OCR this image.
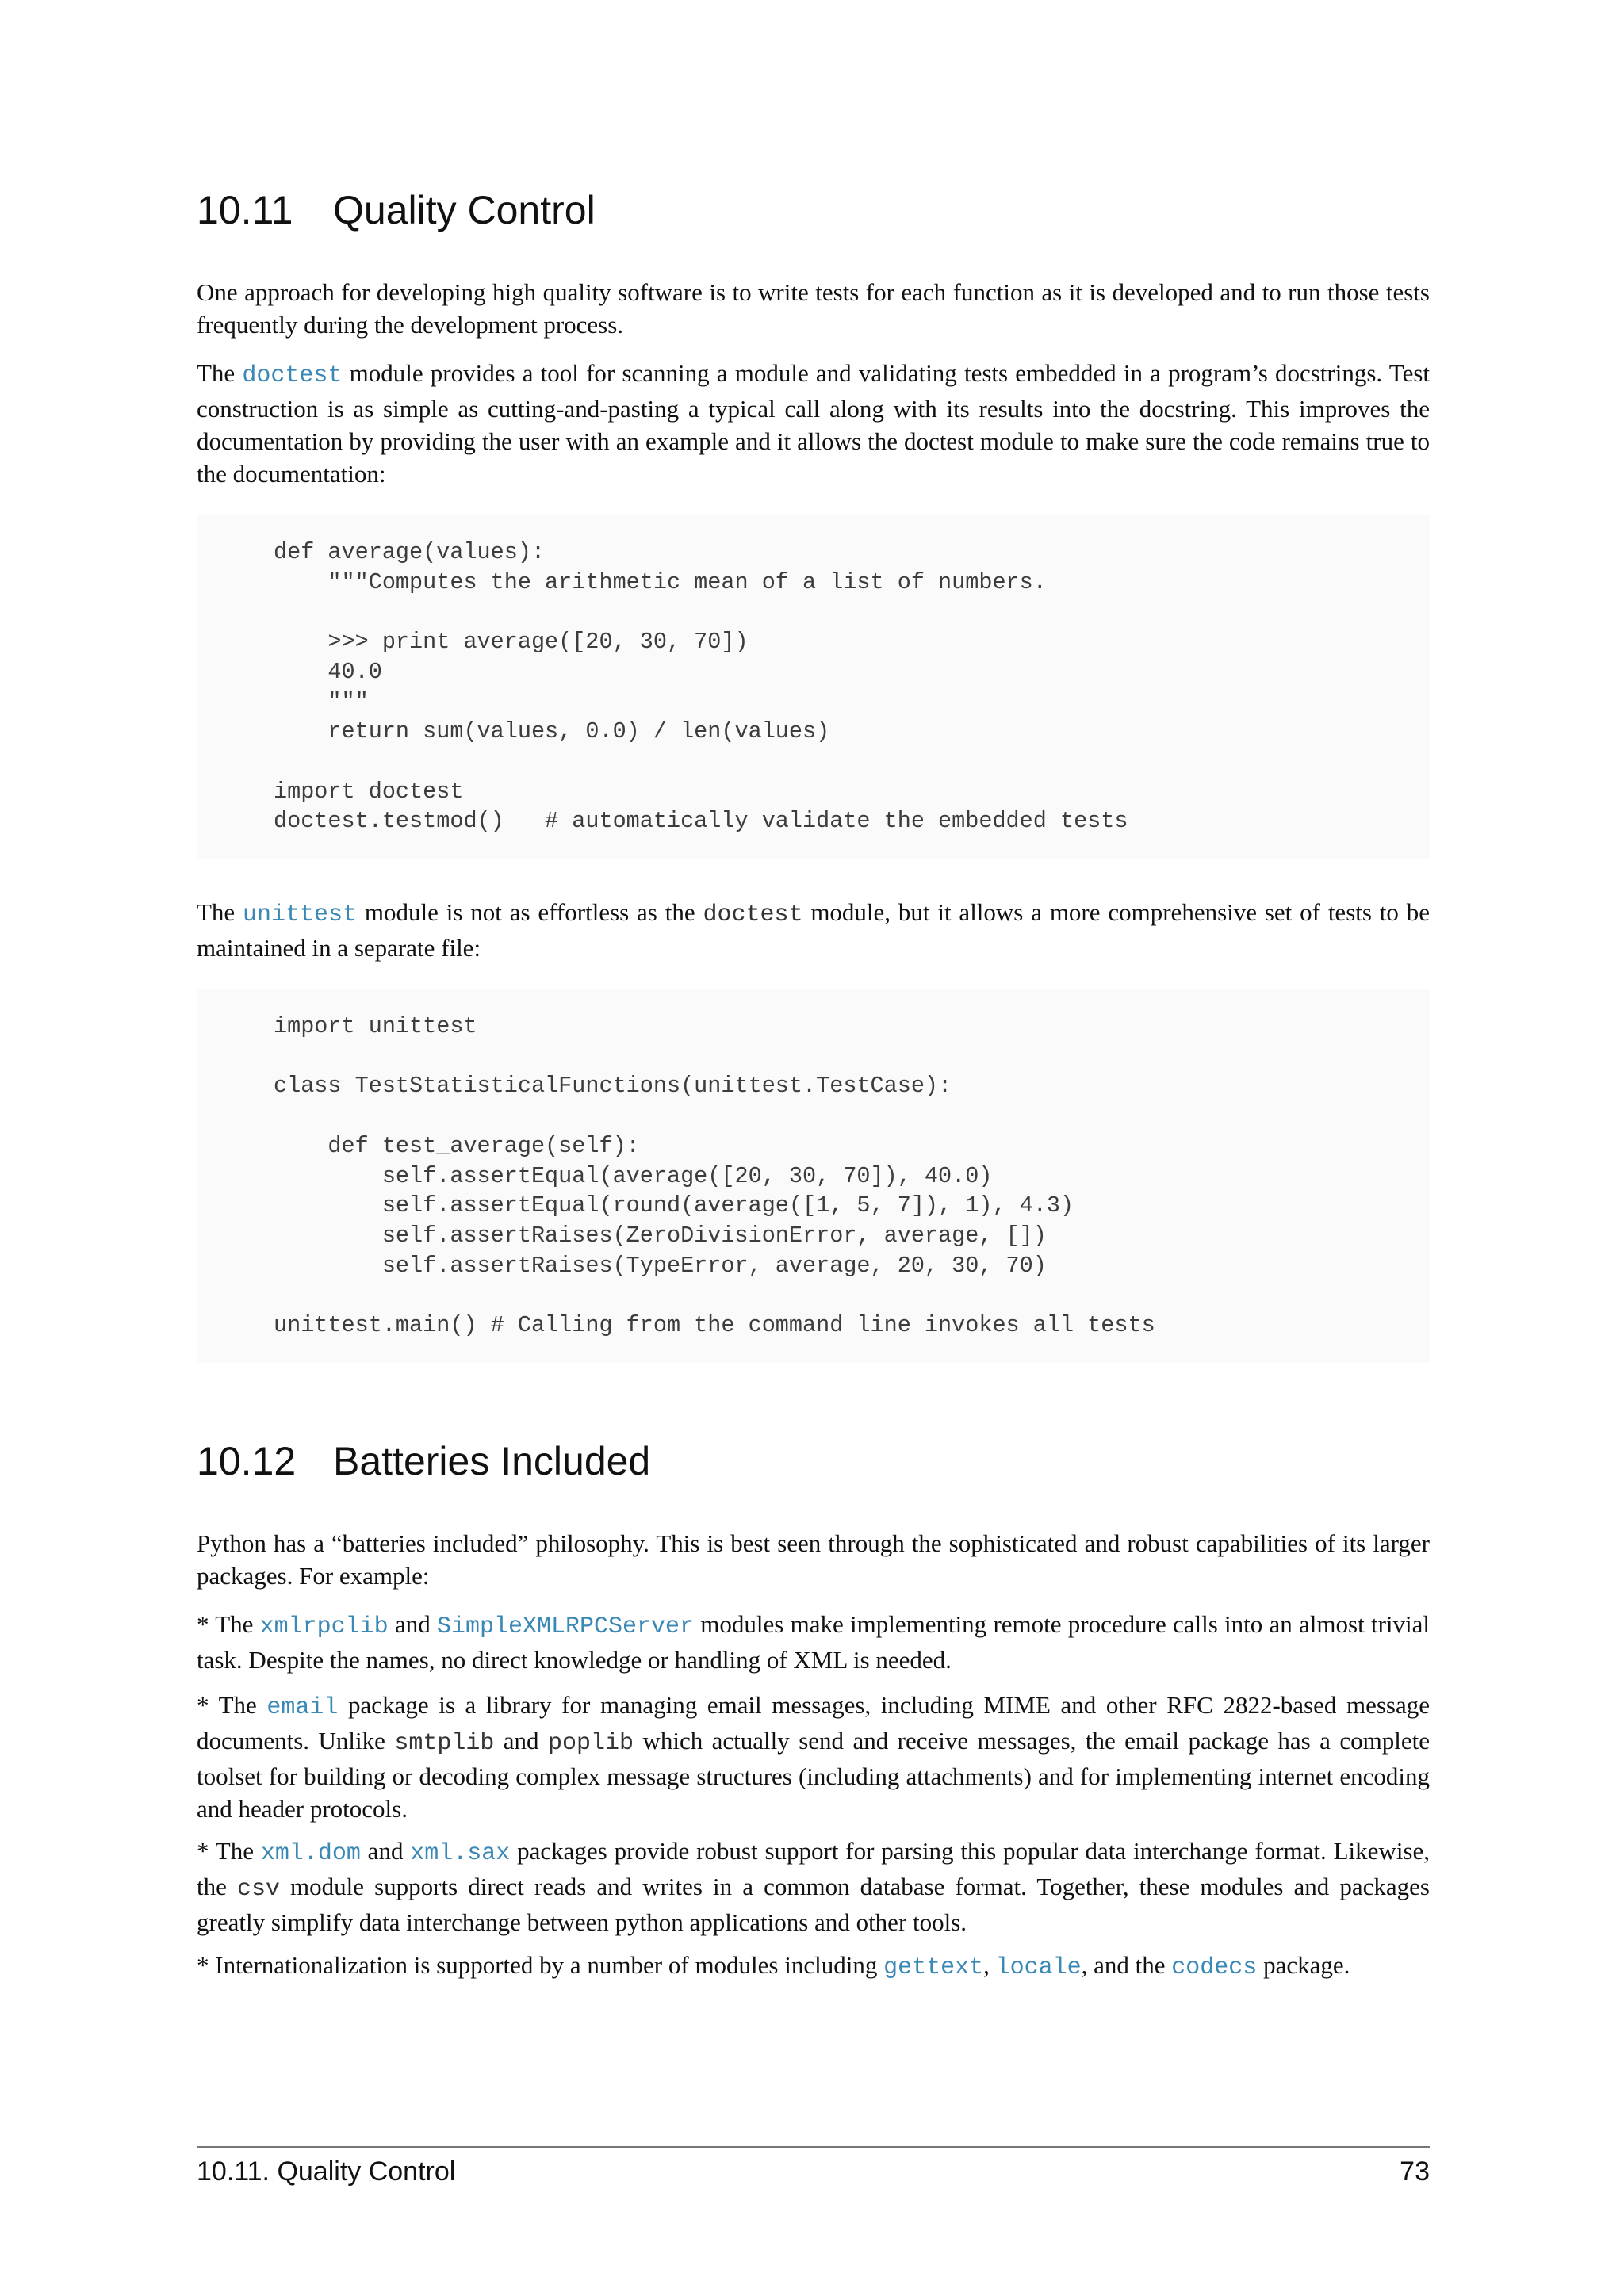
10.11 Quality Control

One approach for developing high quality software is to write tests for each function as it is developed and to run those tests frequently during the development process.

The doctest module provides a tool for scanning a module and validating tests embedded in a program’s docstrings. Test construction is as simple as cutting-and-pasting a typical call along with its results into the docstring. This improves the documentation by providing the user with an example and it allows the doctest module to make sure the code remains true to the documentation:

def average(values):
"""Computes the arithmetic mean of a list of numbers.

>>> print average([20, 30, 70])
40.0
"""
return sum(values, 0.0) / len(values)

import doctest
doctest.testmod()   # automatically validate the embedded tests

The unittest module is not as effortless as the doctest module, but it allows a more comprehensive set of tests to be maintained in a separate file:

import unittest

class TestStatisticalFunctions(unittest.TestCase):

def test_average(self):
self.assertEqual(average([20, 30, 70]), 40.0)
self.assertEqual(round(average([1, 5, 7]), 1), 4.3)
self.assertRaises(ZeroDivisionError, average, [])
self.assertRaises(TypeError, average, 20, 30, 70)

unittest.main() # Calling from the command line invokes all tests
10.12 Batteries Included

Python has a “batteries included” philosophy. This is best seen through the sophisticated and robust capabilities of its larger packages. For example:

* The xmlrpclib and SimpleXMLRPCServer modules make implementing remote procedure calls into an almost trivial task. Despite the names, no direct knowledge or handling of XML is needed.

* The email package is a library for managing email messages, including MIME and other RFC 2822-based message documents. Unlike smtplib and poplib which actually send and receive messages, the email package has a complete toolset for building or decoding complex message structures (including attachments) and for implementing internet encoding and header protocols.

* The xml.dom and xml.sax packages provide robust support for parsing this popular data interchange format. Likewise, the csv module supports direct reads and writes in a common database format. Together, these modules and packages greatly simplify data interchange between python applications and other tools.

* Internationalization is supported by a number of modules including gettext, locale, and the codecs package.

10.11. Quality Control	73
